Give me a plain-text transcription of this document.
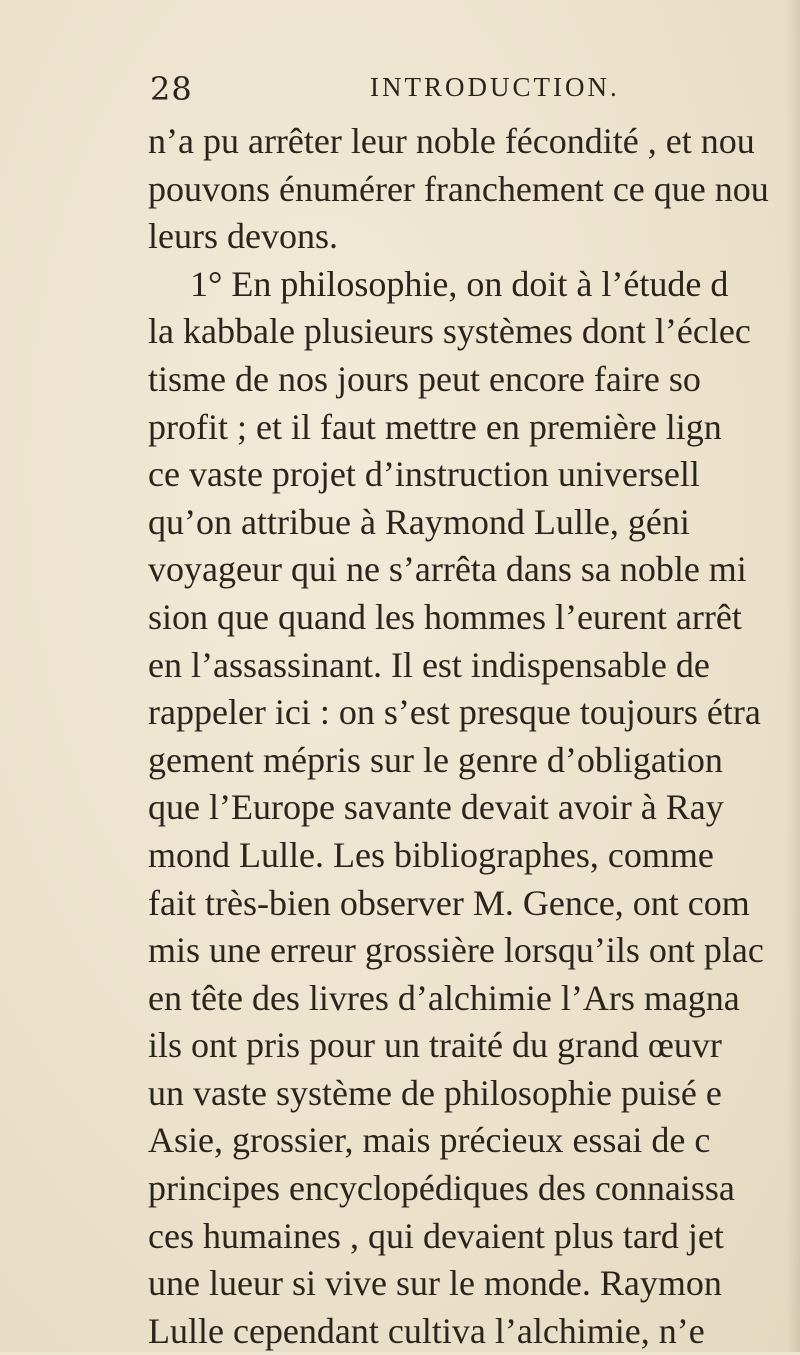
28	INTRODUCTION.
n’a pu arrêter leur noble fécondité , et nou
pouvons énumérer franchement ce que nou
leurs devons.
1° En philosophie, on doit à l’étude d
la kabbale plusieurs systèmes dont l’éclec
tisme de nos jours peut encore faire so
profit ; et il faut mettre en première lign
ce vaste projet d’instruction universell
qu’on attribue à Raymond Lulle, géni
voyageur qui ne s’arrêta dans sa noble mi
sion que quand les hommes l’eurent arrêt
en l’assassinant. Il est indispensable de
rappeler ici : on s’est presque toujours étra
gement mépris sur le genre d’obligation
que l’Europe savante devait avoir à Ray
mond Lulle. Les bibliographes, comme
fait très-bien observer M. Gence, ont com
mis une erreur grossière lorsqu’ils ont plac
en tête des livres d’alchimie l’Ars magna
ils ont pris pour un traité du grand œuvr
un vaste système de philosophie puisé e
Asie, grossier, mais précieux essai de c
principes encyclopédiques des connaissa
ces humaines , qui devaient plus tard jet
une lueur si vive sur le monde. Raymon
Lulle cependant cultiva l’alchimie, n’e
